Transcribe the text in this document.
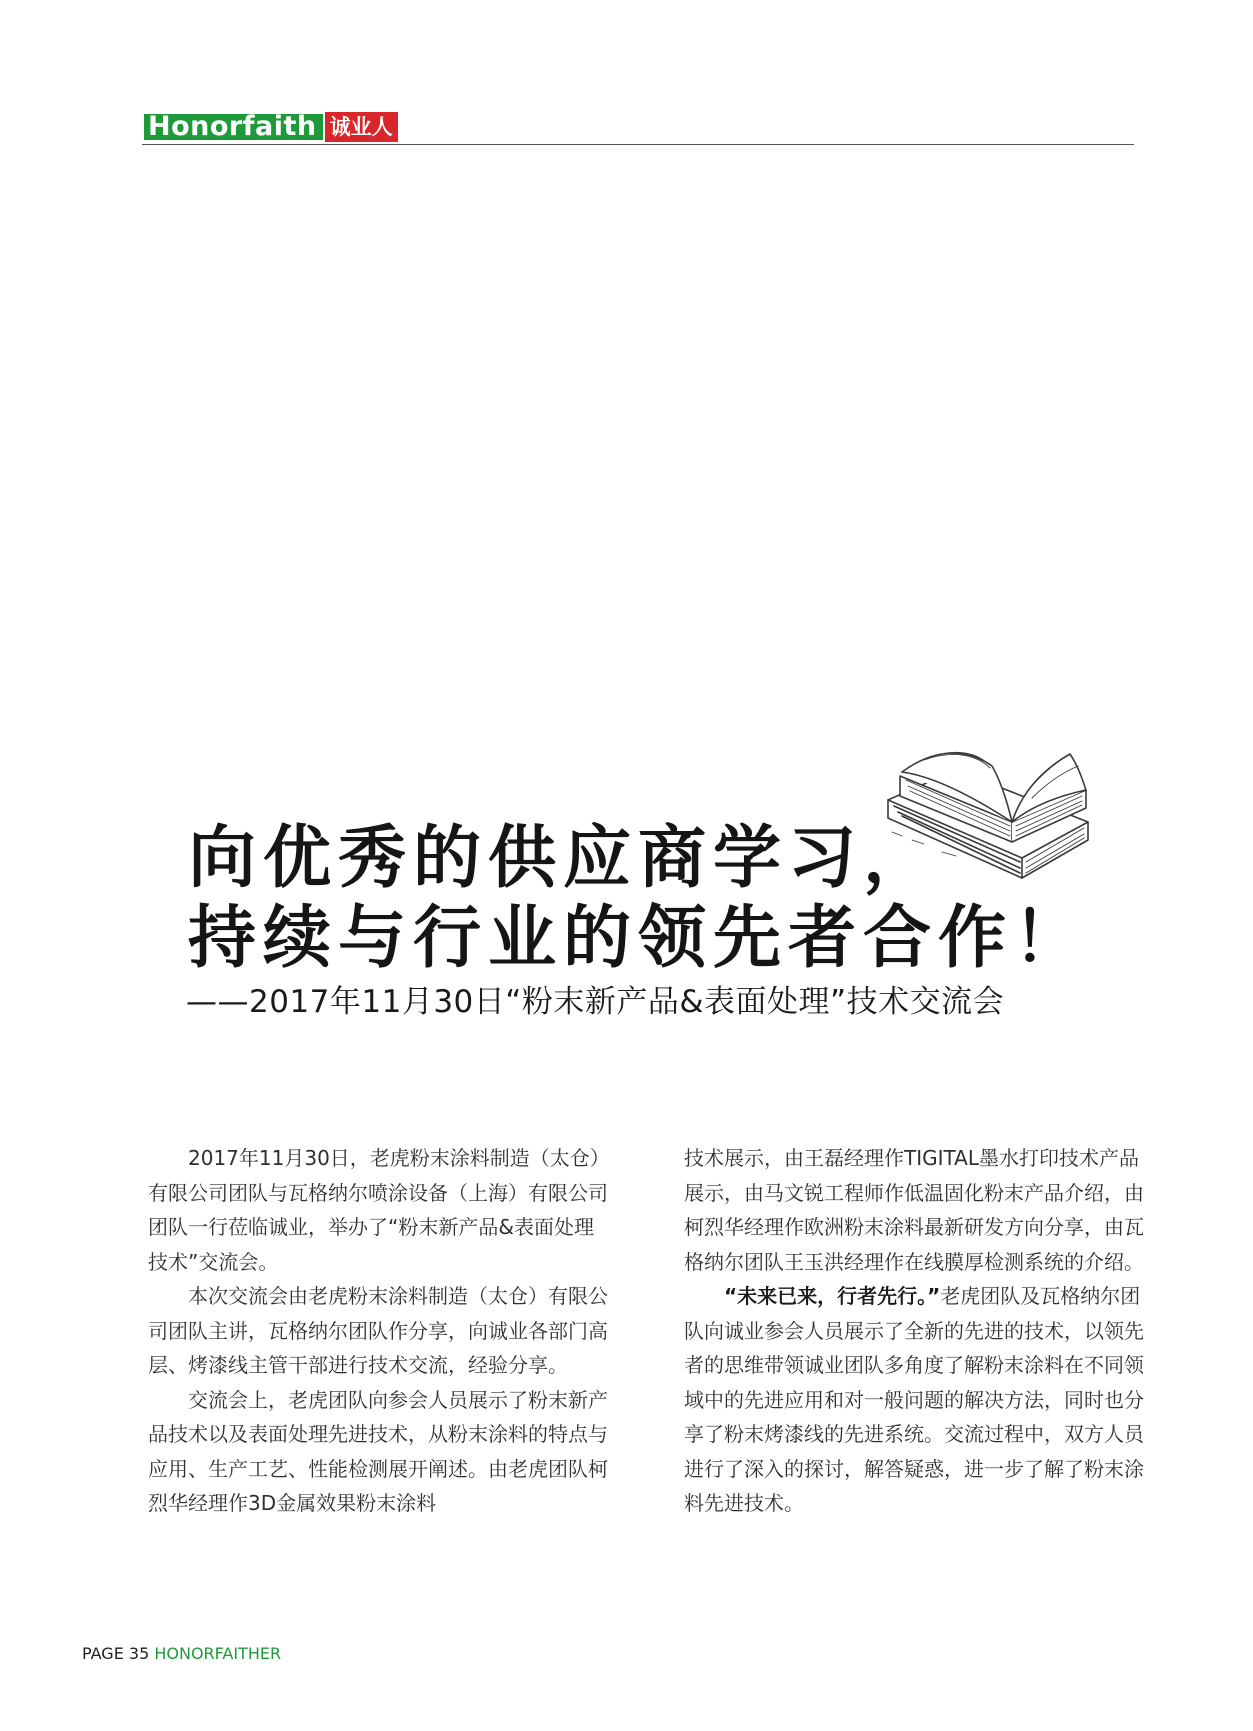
Honorfaith 诚业人
向优秀的供应商学习，
持续与行业的领先者合作！
——2017年11月30日“粉末新产品&表面处理”技术交流会

2017年11月30日，老虎粉末涂料制造（太仓）有限公司团队与瓦格纳尔喷涂设备（上海）有限公司团队一行莅临诚业，举办了“粉末新产品&表面处理技术”交流会。

本次交流会由老虎粉末涂料制造（太仓）有限公司团队主讲，瓦格纳尔团队作分享，向诚业各部门高层、烤漆线主管干部进行技术交流，经验分享。

交流会上，老虎团队向参会人员展示了粉末新产品技术以及表面处理先进技术，从粉末涂料的特点与应用、生产工艺、性能检测展开阐述。由老虎团队柯烈华经理作3D金属效果粉末涂料

技术展示，由王磊经理作TIGITAL墨水打印技术产品展示，由马文锐工程师作低温固化粉末产品介绍，由柯烈华经理作欧洲粉末涂料最新研发方向分享，由瓦格纳尔团队王玉洪经理作在线膜厚检测系统的介绍。

“未来已来，行者先行。”老虎团队及瓦格纳尔团队向诚业参会人员展示了全新的先进的技术，以领先者的思维带领诚业团队多角度了解粉末涂料在不同领域中的先进应用和对一般问题的解决方法，同时也分享了粉末烤漆线的先进系统。交流过程中，双方人员进行了深入的探讨，解答疑惑，进一步了解了粉末涂料先进技术。

PAGE 35 HONORFAITHER
